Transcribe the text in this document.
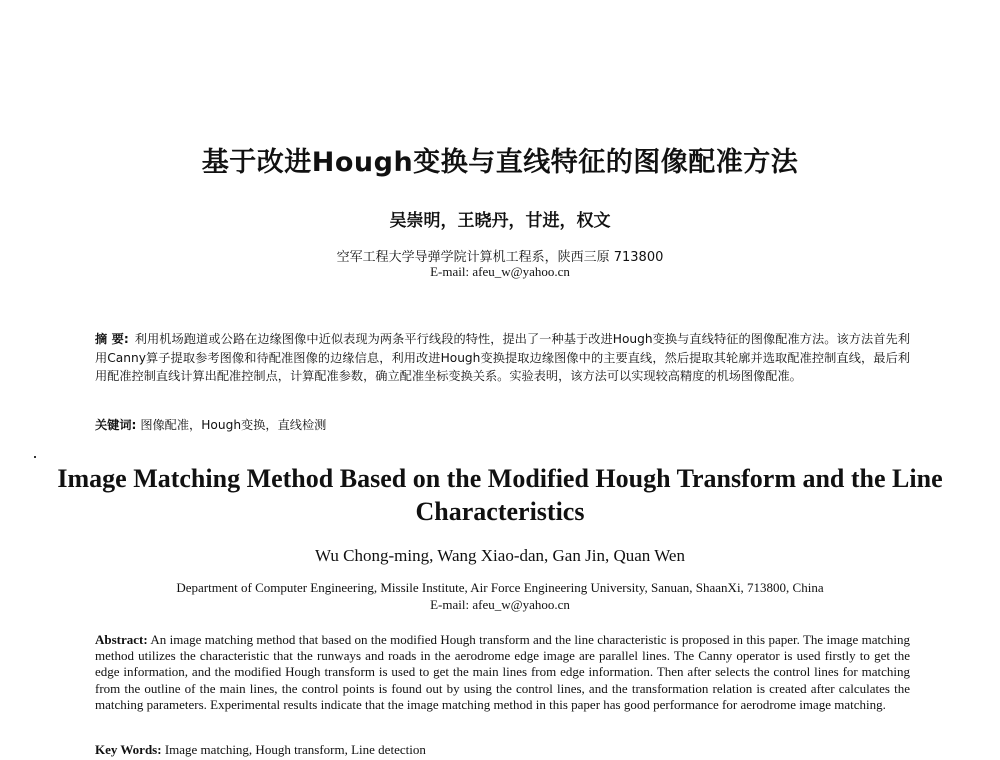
基于改进Hough变换与直线特征的图像配准方法
吴崇明，王晓丹，甘进，权文
空军工程大学导弹学院计算机工程系，陕西三原 713800
E-mail: afeu_w@yahoo.cn
摘 要: 利用机场跑道或公路在边缘图像中近似表现为两条平行线段的特性，提出了一种基于改进Hough变换与直线特征的图像配准方法。该方法首先利用Canny算子提取参考图像和待配准图像的边缘信息，利用改进Hough变换提取边缘图像中的主要直线，然后提取其轮廓并选取配准控制直线，最后利用配准控制直线计算出配准控制点，计算配准参数，确立配准坐标变换关系。实验表明，该方法可以实现较高精度的机场图像配准。
关键词: 图像配准，Hough变换，直线检测
Image Matching Method Based on the Modified Hough Transform and the Line Characteristics
Wu Chong-ming, Wang Xiao-dan, Gan Jin, Quan Wen
Department of Computer Engineering, Missile Institute, Air Force Engineering University, Sanuan, ShaanXi, 713800, China
E-mail: afeu_w@yahoo.cn
Abstract: An image matching method that based on the modified Hough transform and the line characteristic is proposed in this paper. The image matching method utilizes the characteristic that the runways and roads in the aerodrome edge image are parallel lines. The Canny operator is used firstly to get the edge information, and the modified Hough transform is used to get the main lines from edge information. Then after selects the control lines for matching from the outline of the main lines, the control points is found out by using the control lines, and the transformation relation is created after calculates the matching parameters. Experimental results indicate that the image matching method in this paper has good performance for aerodrome image matching.
Key Words: Image matching, Hough transform, Line detection
